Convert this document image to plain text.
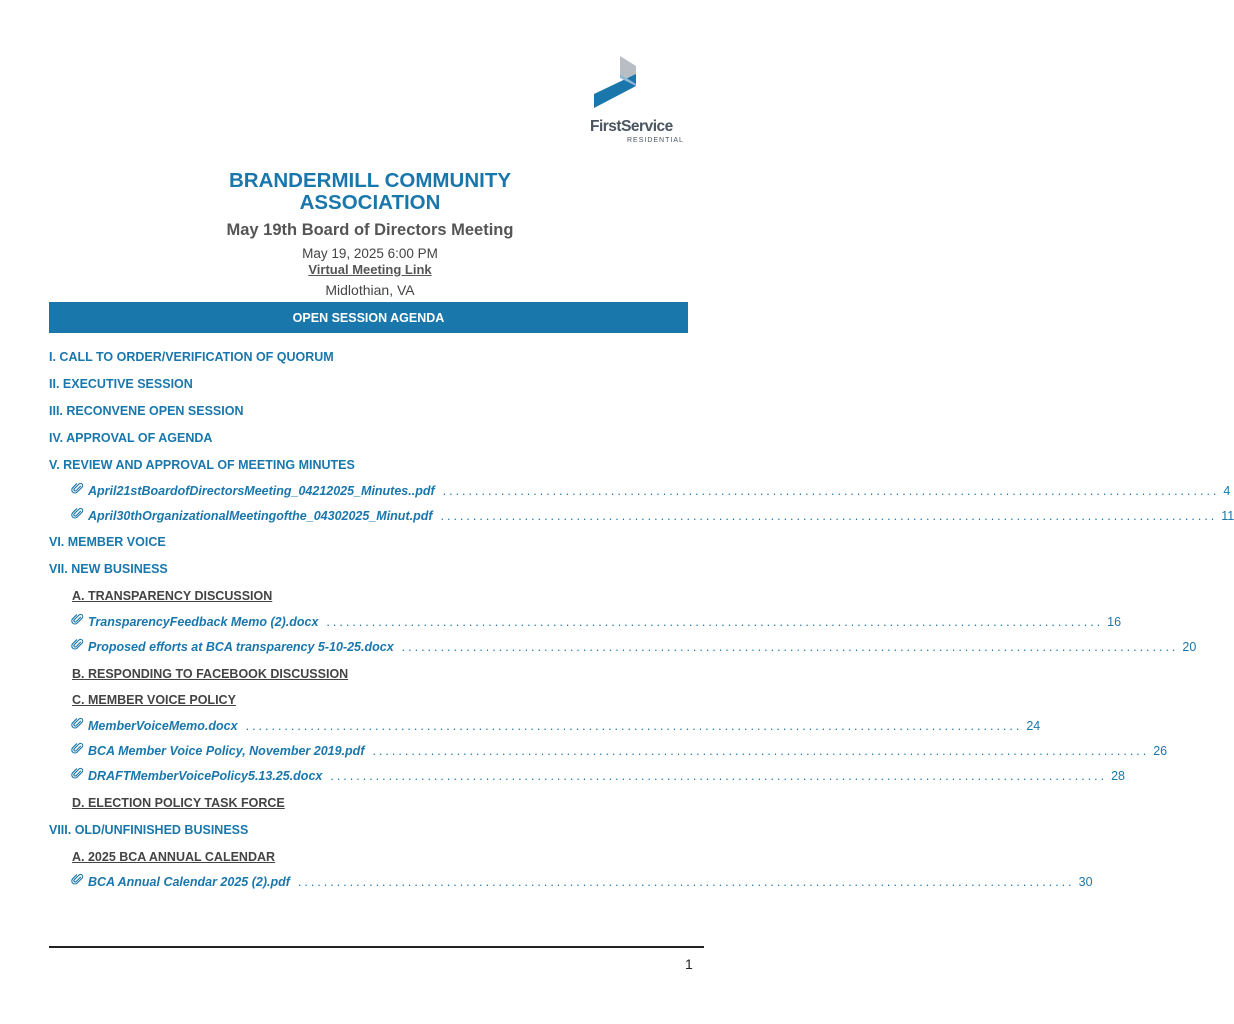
FirstService
RESIDENTIAL
BRANDERMILL COMMUNITY
ASSOCIATION
May 19th Board of Directors Meeting
May 19, 2025 6:00 PM
Virtual Meeting Link
Midlothian, VA
OPEN SESSION AGENDA
I. CALL TO ORDER/VERIFICATION OF QUORUM
II. EXECUTIVE SESSION
III. RECONVENE OPEN SESSION
IV. APPROVAL OF AGENDA
V. REVIEW AND APPROVAL OF MEETING MINUTES
April21stBoardofDirectorsMeeting_04212025_Minutes..pdf ........................................................................................................................ 4
April30thOrganizationalMeetingofthe_04302025_Minut.pdf ........................................................................................................................ 11
VI. MEMBER VOICE
VII. NEW BUSINESS
A. TRANSPARENCY DISCUSSION
TransparencyFeedback Memo (2).docx ........................................................................................................................ 16
Proposed efforts at BCA transparency 5-10-25.docx ........................................................................................................................ 20
B. RESPONDING TO FACEBOOK DISCUSSION
C. MEMBER VOICE POLICY
MemberVoiceMemo.docx ........................................................................................................................ 24
BCA Member Voice Policy, November 2019.pdf ........................................................................................................................ 26
DRAFTMemberVoicePolicy5.13.25.docx ........................................................................................................................ 28
D. ELECTION POLICY TASK FORCE
VIII. OLD/UNFINISHED BUSINESS
A. 2025 BCA ANNUAL CALENDAR
BCA Annual Calendar 2025 (2).pdf ........................................................................................................................ 30
1
